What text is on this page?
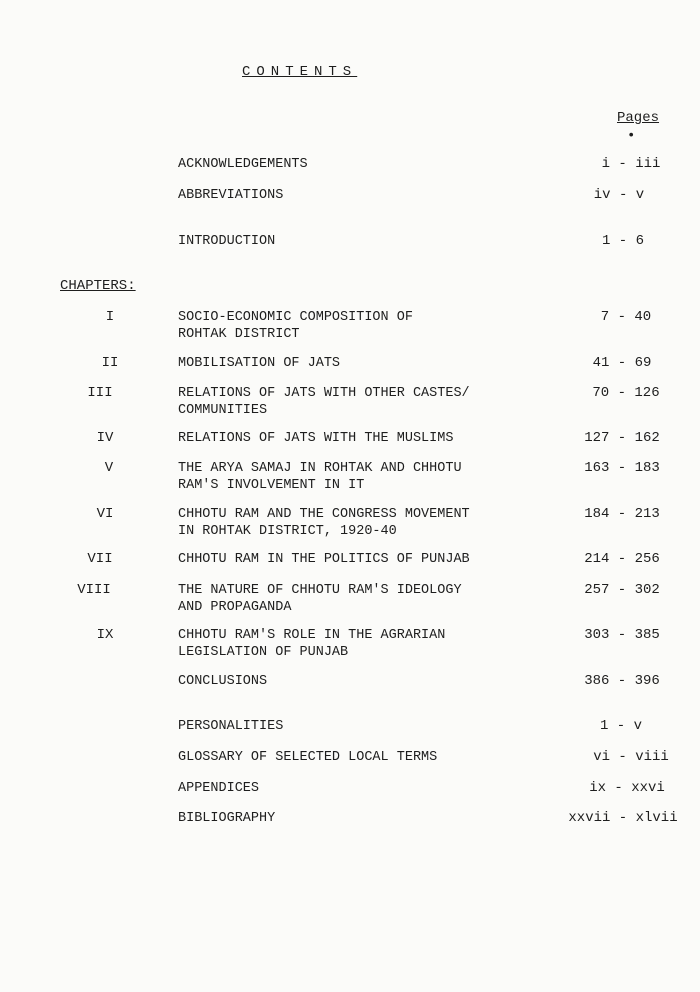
CONTENTS
Pages
•
ACKNOWLEDGEMENTS	i - iii
ABBREVIATIONS	iv - v
INTRODUCTION	1 - 6
CHAPTERS:
I	SOCIO-ECONOMIC COMPOSITION OF
ROHTAK DISTRICT
7 - 40
II	MOBILISATION OF JATS	41 - 69
III	RELATIONS OF JATS WITH OTHER CASTES/
COMMUNITIES
70 - 126
IV	RELATIONS OF JATS WITH THE MUSLIMS	127 - 162
V	THE ARYA SAMAJ IN ROHTAK AND CHHOTU
RAM'S INVOLVEMENT IN IT
163 - 183
VI	CHHOTU RAM AND THE CONGRESS MOVEMENT
IN ROHTAK DISTRICT, 1920-40
184 - 213
VII	CHHOTU RAM IN THE POLITICS OF PUNJAB	214 - 256
VIII	THE NATURE OF CHHOTU RAM'S IDEOLOGY
AND PROPAGANDA
257 - 302
IX	CHHOTU RAM'S ROLE IN THE AGRARIAN
LEGISLATION OF PUNJAB
303 - 385
CONCLUSIONS	386 - 396
PERSONALITIES	1 - v
GLOSSARY OF SELECTED LOCAL TERMS	vi - viii
APPENDICES	ix - xxvi
BIBLIOGRAPHY	xxvii - xlvii
